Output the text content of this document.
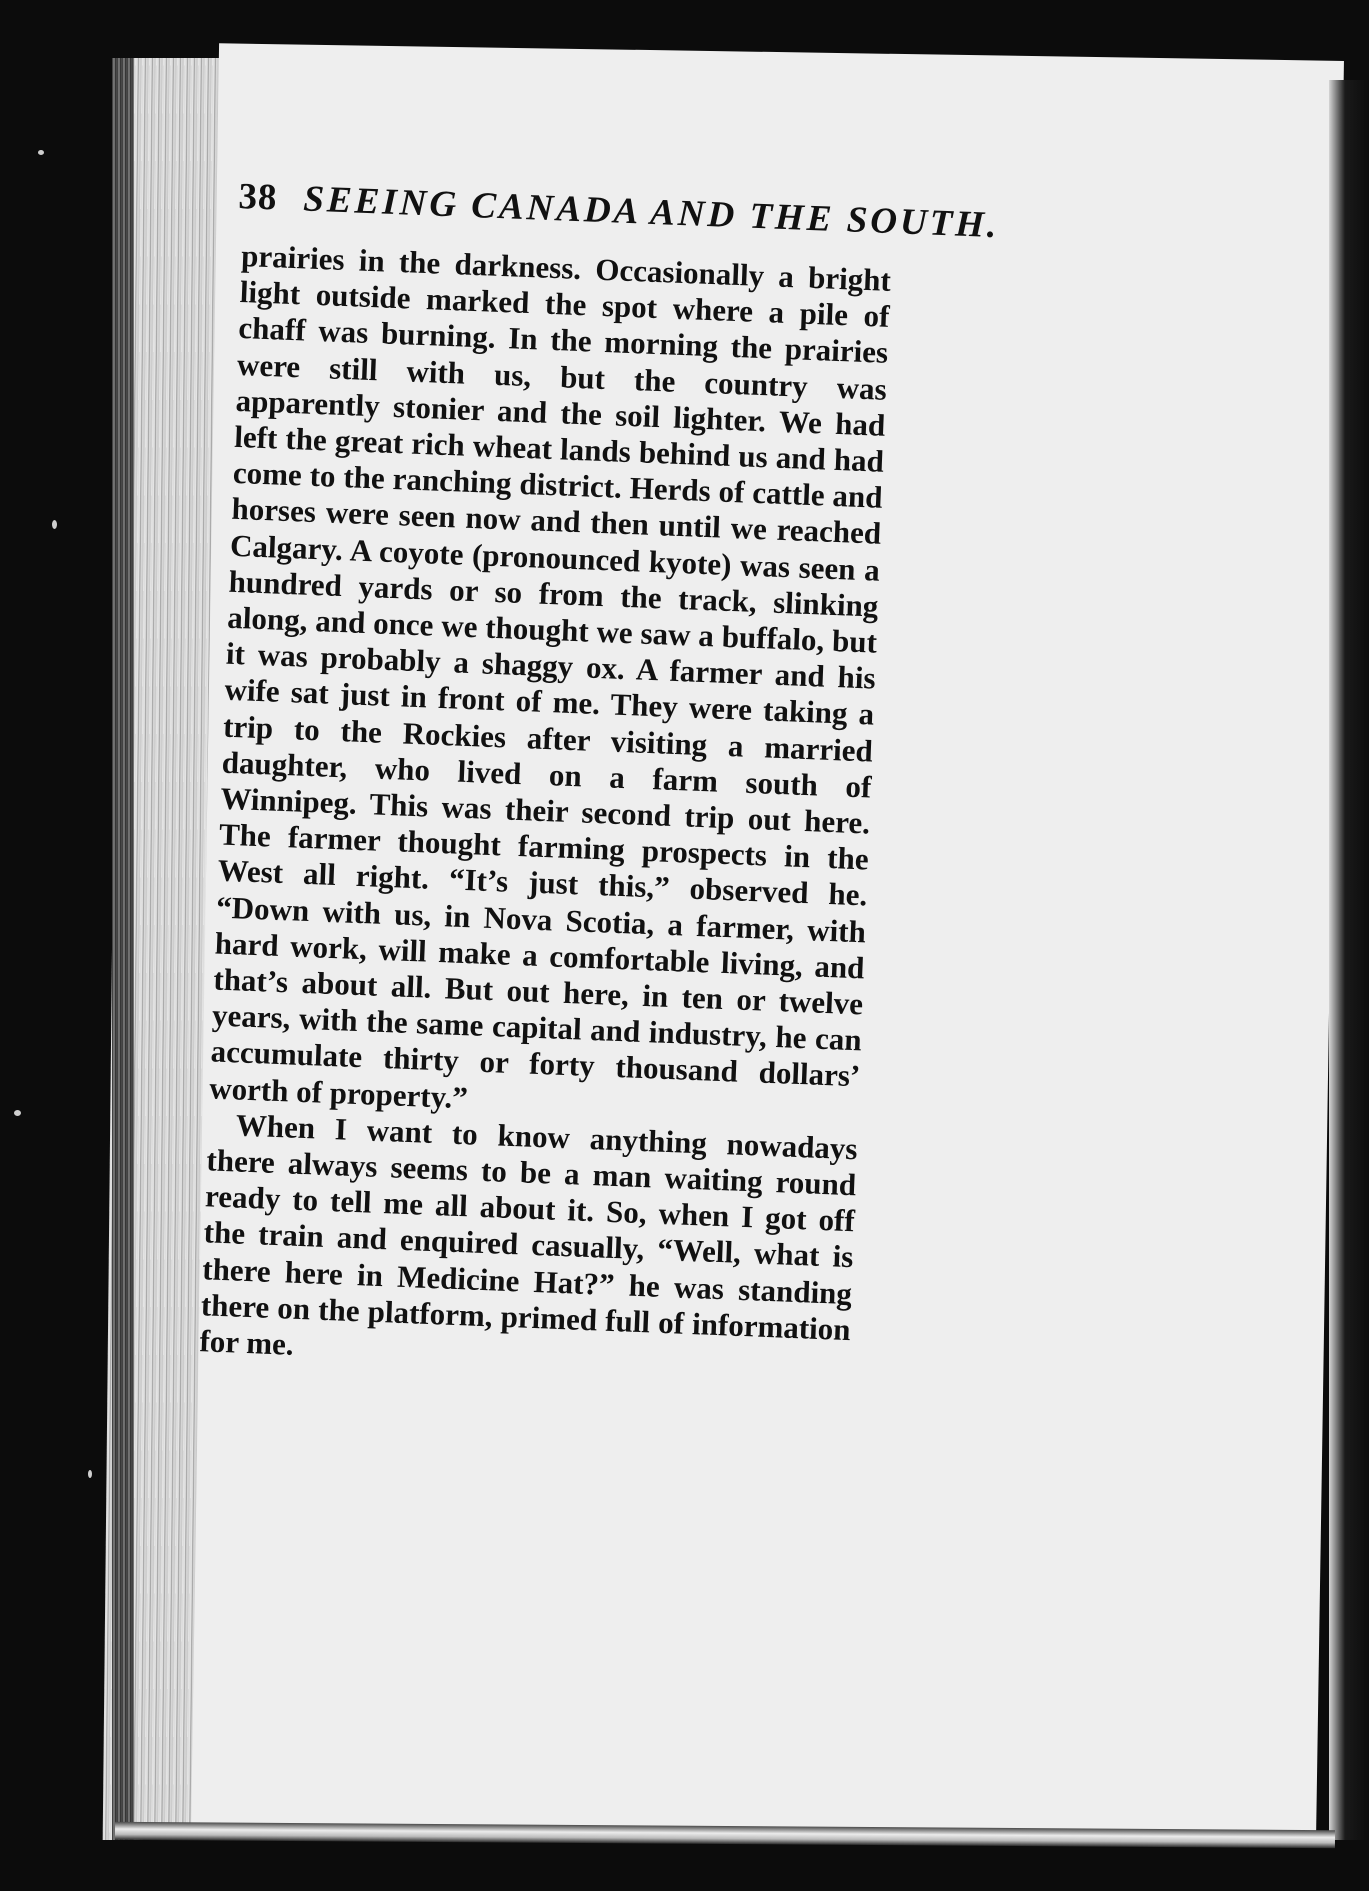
38 SEEING CANADA AND THE SOUTH.

prairies in the darkness. Occasionally a bright light outside marked the spot where a pile of chaff was burning. In the morning the prairies were still with us, but the country was apparently stonier and the soil lighter. We had left the great rich wheat lands behind us and had come to the ranching district. Herds of cattle and horses were seen now and then until we reached Calgary. A coyote (pronounced kyote) was seen a hundred yards or so from the track, slinking along, and once we thought we saw a buffalo, but it was probably a shaggy ox. A farmer and his wife sat just in front of me. They were taking a trip to the Rockies after visiting a married daughter, who lived on a farm south of Winnipeg. This was their second trip out here. The farmer thought farming prospects in the West all right. “It’s just this,” observed he. “Down with us, in Nova Scotia, a farmer, with hard work, will make a comfortable living, and that’s about all. But out here, in ten or twelve years, with the same capital and industry, he can accumulate thirty or forty thousand dollars’ worth of property.”

When I want to know anything nowadays there always seems to be a man waiting round ready to tell me all about it. So, when I got off the train and enquired casually, “Well, what is there here in Medicine Hat?” he was standing there on the platform, primed full of information for me.
